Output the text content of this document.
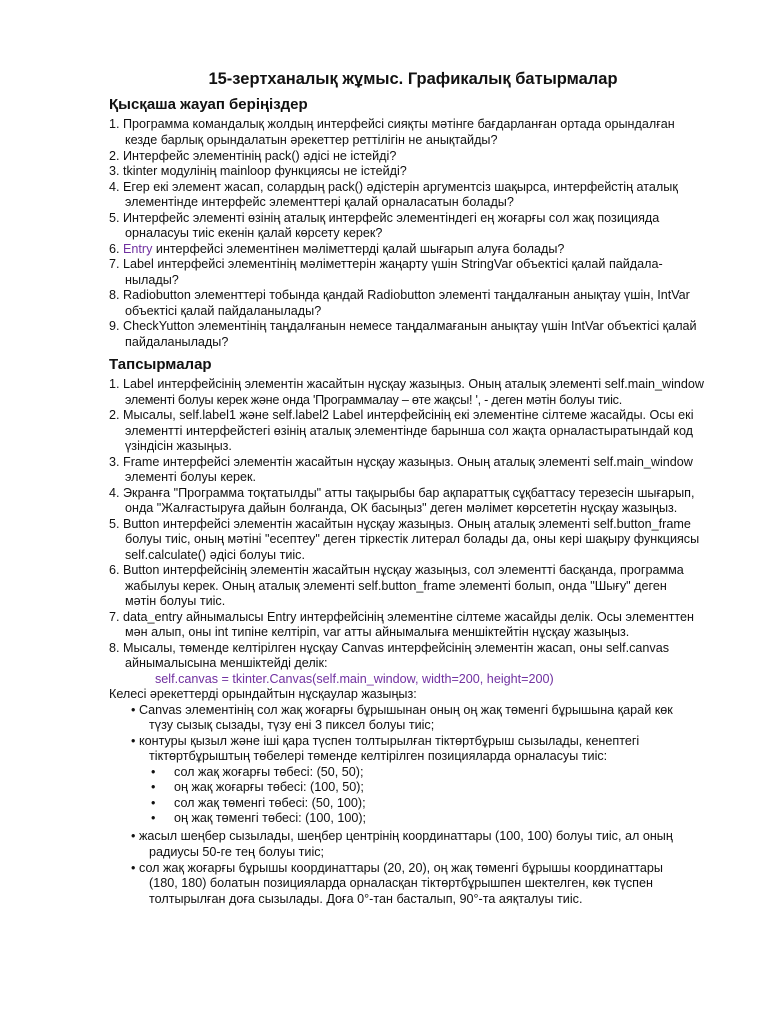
15-зертханалық жұмыс. Графикалық батырмалар
Қысқаша жауап беріңіздер
1. Программа командалық жолдың интерфейсі сияқты мәтінге бағдарланған ортада орындалған
кезде барлық орындалатын әрекеттер реттілігін не анықтайды?
2. Интерфейс элементінің pack() әдісі не істейді?
3. tkinter модулінің mainloop функциясы не істейді?
4. Егер екі элемент жасап, солардың pack() әдістерін аргументсіз шақырса, интерфейстің аталық
элементінде интерфейс элементтері қалай орналасатын болады?
5. Интерфейс элементі өзінің аталық интерфейс элементіндегі ең жоғарғы сол жақ позицияда
орналасуы тиіс екенін қалай көрсету керек?
6. Entry интерфейсі элементінен мәліметтерді қалай шығарып алуға болады?
7. Label интерфейсі элементінің мәліметтерін жаңарту үшін StringVar объектісі қалай пайдала-
нылады?
8. Radiobutton элементтері тобында қандай Radiobutton элементі таңдалғанын анықтау үшін, IntVar
объектісі қалай пайдаланылады?
9. CheckYutton элементінің таңдалғанын немесе таңдалмағанын анықтау үшін IntVar объектісі қалай
пайдаланылады?
Тапсырмалар
1. Label интерфейсінің элементін жасайтын нұсқау жазыңыз. Оның аталық элементі self.main_window
элементі болуы керек және онда 'Программалау – өте жақсы! ', - деген мәтін болуы тиіс.
2. Мысалы, self.label1 және self.label2 Label интерфейсінің екі элементіне сілтеме жасайды. Осы екі
элементті интерфейстегі өзінің аталық элементінде барынша сол жақта орналастыратындай код
үзіндісін жазыңыз.
3. Frame интерфейсі элементін жасайтын нұсқау жазыңыз. Оның аталық элементі self.main_window
элементі болуы керек.
4. Экранға "Программа тоқтатылды" атты тақырыбы бар ақпараттық сұқбаттасу терезесін шығарып,
онда "Жалғастыруға дайын болғанда, ОК басыңыз" деген мәлімет көрсететін нұсқау жазыңыз.
5. Button интерфейсі элементін жасайтын нұсқау жазыңыз. Оның аталық элементі self.button_frame
болуы тиіс, оның мәтіні "есептеу" деген тіркестік литерал болады да, оны кері шақыру функциясы
self.calculate() әдісі болуы тиіс.
6. Button интерфейсінің элементін жасайтын нұсқау жазыңыз, сол элементті басқанда, программа
жабылуы керек. Оның аталық элементі self.button_frame элементі болып, онда "Шығу" деген
мәтін болуы тиіс.
7. data_entry айнымалысы Entry интерфейсінің элементіне сілтеме жасайды делік. Осы элементтен
мән алып, оны int типіне келтіріп, var атты айнымалыға меншіктейтін нұсқау жазыңыз.
8. Мысалы, төменде келтірілген нұсқау Canvas интерфейсінің элементін жасап, оны self.canvas
айнымалысына меншіктейді делік:
self.canvas = tkinter.Canvas(self.main_window, width=200, height=200)
Келесі әрекеттерді орындайтын нұсқаулар жазыңыз:
• Canvas элементінің сол жақ жоғарғы бұрышынан оның оң жақ төменгі бұрышына қарай көк
түзу сызық сызады, түзу ені 3 пиксел болуы тиіс;
• контуры қызыл және іші қара түспен толтырылған тіктөртбұрыш сызылады, кенептегі
тіктөртбұрыштың төбелері төменде келтірілген позицияларда орналасуы тиіс:
• сол жақ жоғарғы төбесі: (50, 50);
• оң жақ жоғарғы төбесі: (100, 50);
• сол жақ төменгі төбесі: (50, 100);
• оң жақ төменгі төбесі: (100, 100);
• жасыл шеңбер сызылады, шеңбер центрінің координаттары (100, 100) болуы тиіс, ал оның
радиусы 50-ге тең болуы тиіс;
• сол жақ жоғарғы бұрышы координаттары (20, 20), оң жақ төменгі бұрышы координаттары
(180, 180) болатын позицияларда орналасқан тіктөртбұрышпен шектелген, көк түспен
толтырылған доға сызылады. Доға 0°-тан басталып, 90°-та аяқталуы тиіс.
